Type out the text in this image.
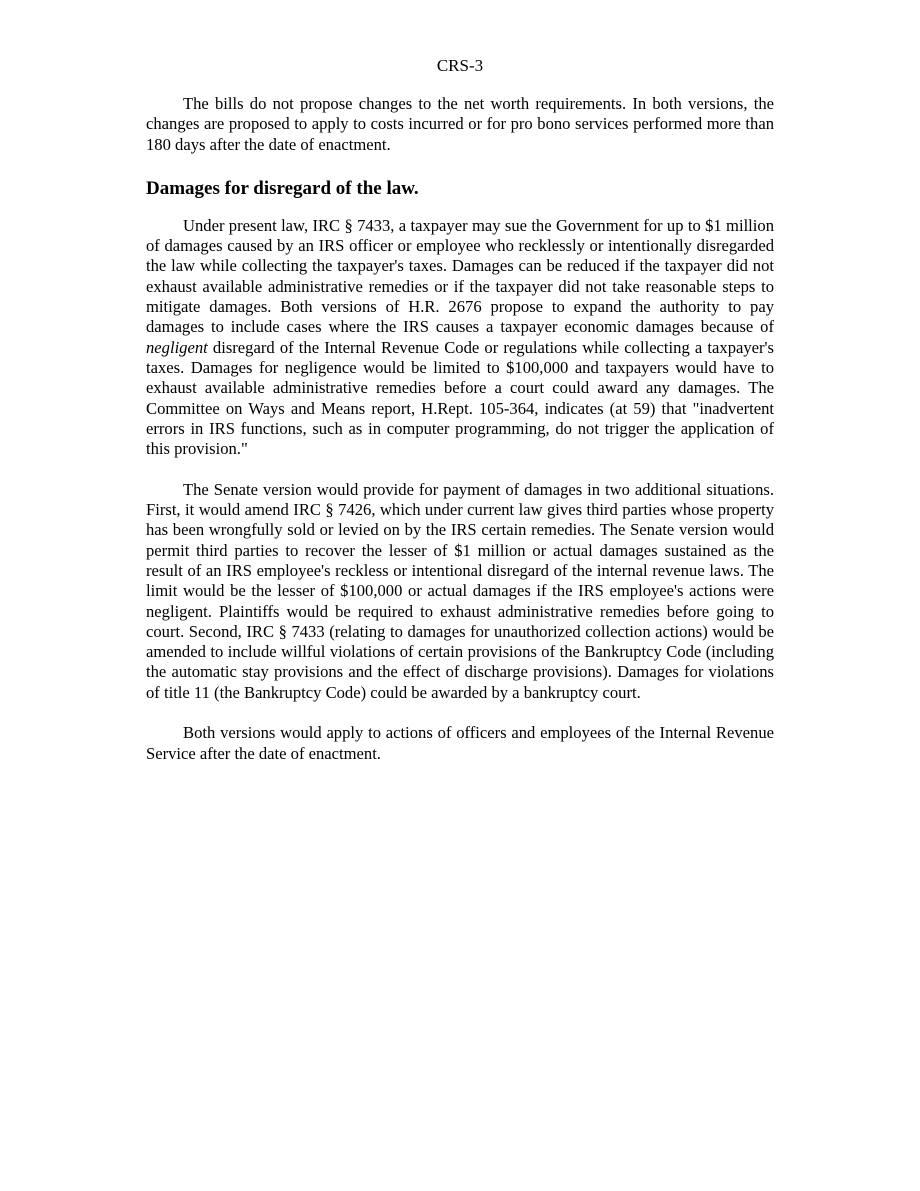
CRS-3

The bills do not propose changes to the net worth requirements. In both versions, the changes are proposed to apply to costs incurred or for pro bono services performed more than 180 days after the date of enactment.

Damages for disregard of the law.

Under present law, IRC § 7433, a taxpayer may sue the Government for up to $1 million of damages caused by an IRS officer or employee who recklessly or intentionally disregarded the law while collecting the taxpayer's taxes. Damages can be reduced if the taxpayer did not exhaust available administrative remedies or if the taxpayer did not take reasonable steps to mitigate damages. Both versions of H.R. 2676 propose to expand the authority to pay damages to include cases where the IRS causes a taxpayer economic damages because of negligent disregard of the Internal Revenue Code or regulations while collecting a taxpayer's taxes. Damages for negligence would be limited to $100,000 and taxpayers would have to exhaust available administrative remedies before a court could award any damages. The Committee on Ways and Means report, H.Rept. 105-364, indicates (at 59) that "inadvertent errors in IRS functions, such as in computer programming, do not trigger the application of this provision."

The Senate version would provide for payment of damages in two additional situations. First, it would amend IRC § 7426, which under current law gives third parties whose property has been wrongfully sold or levied on by the IRS certain remedies. The Senate version would permit third parties to recover the lesser of $1 million or actual damages sustained as the result of an IRS employee's reckless or intentional disregard of the internal revenue laws. The limit would be the lesser of $100,000 or actual damages if the IRS employee's actions were negligent. Plaintiffs would be required to exhaust administrative remedies before going to court. Second, IRC § 7433 (relating to damages for unauthorized collection actions) would be amended to include willful violations of certain provisions of the Bankruptcy Code (including the automatic stay provisions and the effect of discharge provisions). Damages for violations of title 11 (the Bankruptcy Code) could be awarded by a bankruptcy court.

Both versions would apply to actions of officers and employees of the Internal Revenue Service after the date of enactment.
